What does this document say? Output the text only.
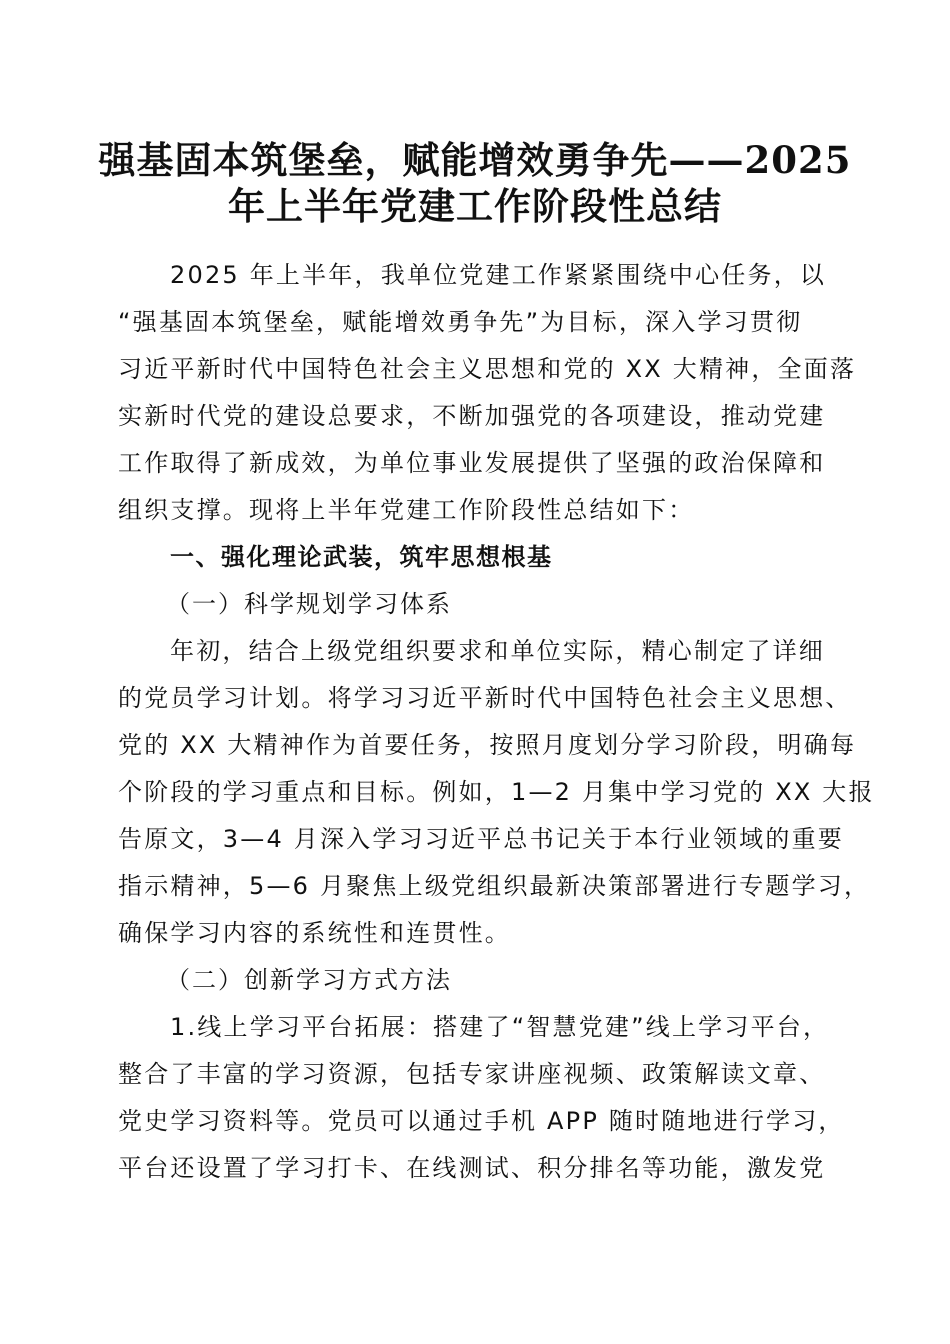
强基固本筑堡垒，赋能增效勇争先——2025
年上半年党建工作阶段性总结
2025 年上半年，我单位党建工作紧紧围绕中心任务，以
“强基固本筑堡垒，赋能增效勇争先”为目标，深入学习贯彻
习近平新时代中国特色社会主义思想和党的 XX 大精神，全面落
实新时代党的建设总要求，不断加强党的各项建设，推动党建
工作取得了新成效，为单位事业发展提供了坚强的政治保障和
组织支撑。现将上半年党建工作阶段性总结如下：
一、强化理论武装，筑牢思想根基
（一）科学规划学习体系
年初，结合上级党组织要求和单位实际，精心制定了详细
的党员学习计划。将学习习近平新时代中国特色社会主义思想、
党的 XX 大精神作为首要任务，按照月度划分学习阶段，明确每
个阶段的学习重点和目标。例如，1—2 月集中学习党的 XX 大报
告原文，3—4 月深入学习习近平总书记关于本行业领域的重要
指示精神，5—6 月聚焦上级党组织最新决策部署进行专题学习，
确保学习内容的系统性和连贯性。
（二）创新学习方式方法
1.线上学习平台拓展：搭建了“智慧党建”线上学习平台，
整合了丰富的学习资源，包括专家讲座视频、政策解读文章、
党史学习资料等。党员可以通过手机 APP 随时随地进行学习，
平台还设置了学习打卡、在线测试、积分排名等功能，激发党
